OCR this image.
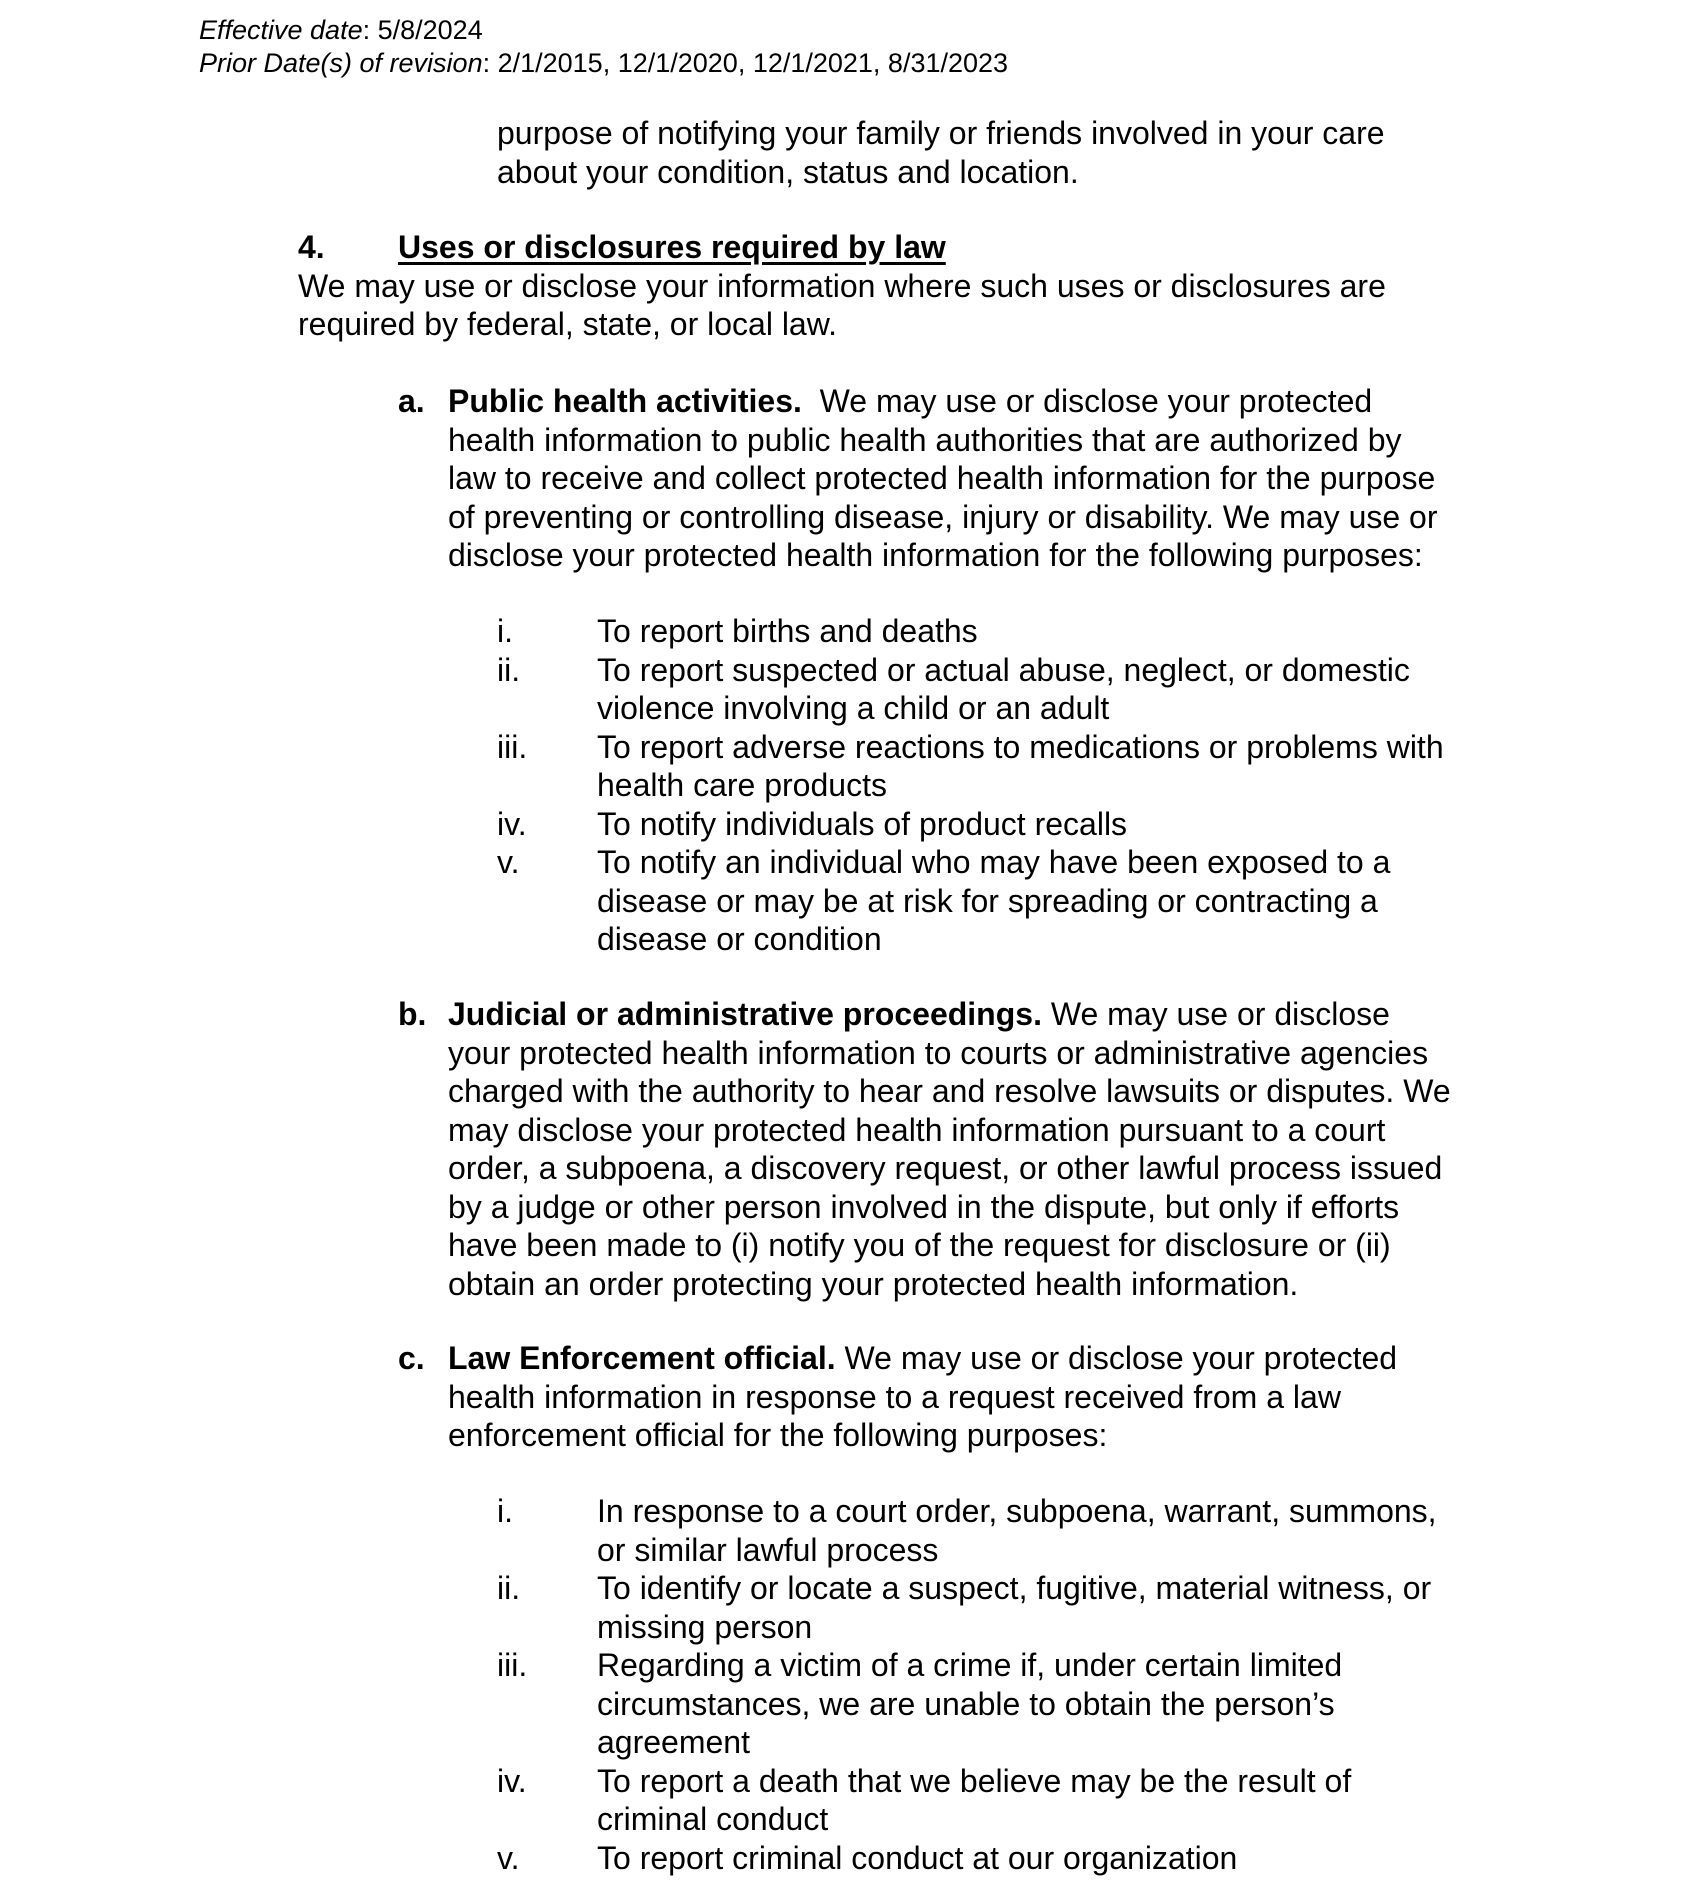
Effective date: 5/8/2024
Prior Date(s) of revision: 2/1/2015, 12/1/2020, 12/1/2021, 8/31/2023
purpose of notifying your family or friends involved in your care
about your condition, status and location.
4.	Uses or disclosures required by law
We may use or disclose your information where such uses or disclosures are
required by federal, state, or local law.
a. Public health activities.  We may use or disclose your protected
health information to public health authorities that are authorized by
law to receive and collect protected health information for the purpose
of preventing or controlling disease, injury or disability. We may use or
disclose your protected health information for the following purposes:
i.	To report births and deaths
ii.	To report suspected or actual abuse, neglect, or domestic
violence involving a child or an adult
iii.	To report adverse reactions to medications or problems with
health care products
iv.	To notify individuals of product recalls
v.	To notify an individual who may have been exposed to a
disease or may be at risk for spreading or contracting a
disease or condition
b. Judicial or administrative proceedings. We may use or disclose
your protected health information to courts or administrative agencies
charged with the authority to hear and resolve lawsuits or disputes. We
may disclose your protected health information pursuant to a court
order, a subpoena, a discovery request, or other lawful process issued
by a judge or other person involved in the dispute, but only if efforts
have been made to (i) notify you of the request for disclosure or (ii)
obtain an order protecting your protected health information.
c. Law Enforcement official. We may use or disclose your protected
health information in response to a request received from a law
enforcement official for the following purposes:
i.	In response to a court order, subpoena, warrant, summons,
or similar lawful process
ii.	To identify or locate a suspect, fugitive, material witness, or
missing person
iii.	Regarding a victim of a crime if, under certain limited
circumstances, we are unable to obtain the person’s
agreement
iv.	To report a death that we believe may be the result of
criminal conduct
v.	To report criminal conduct at our organization
